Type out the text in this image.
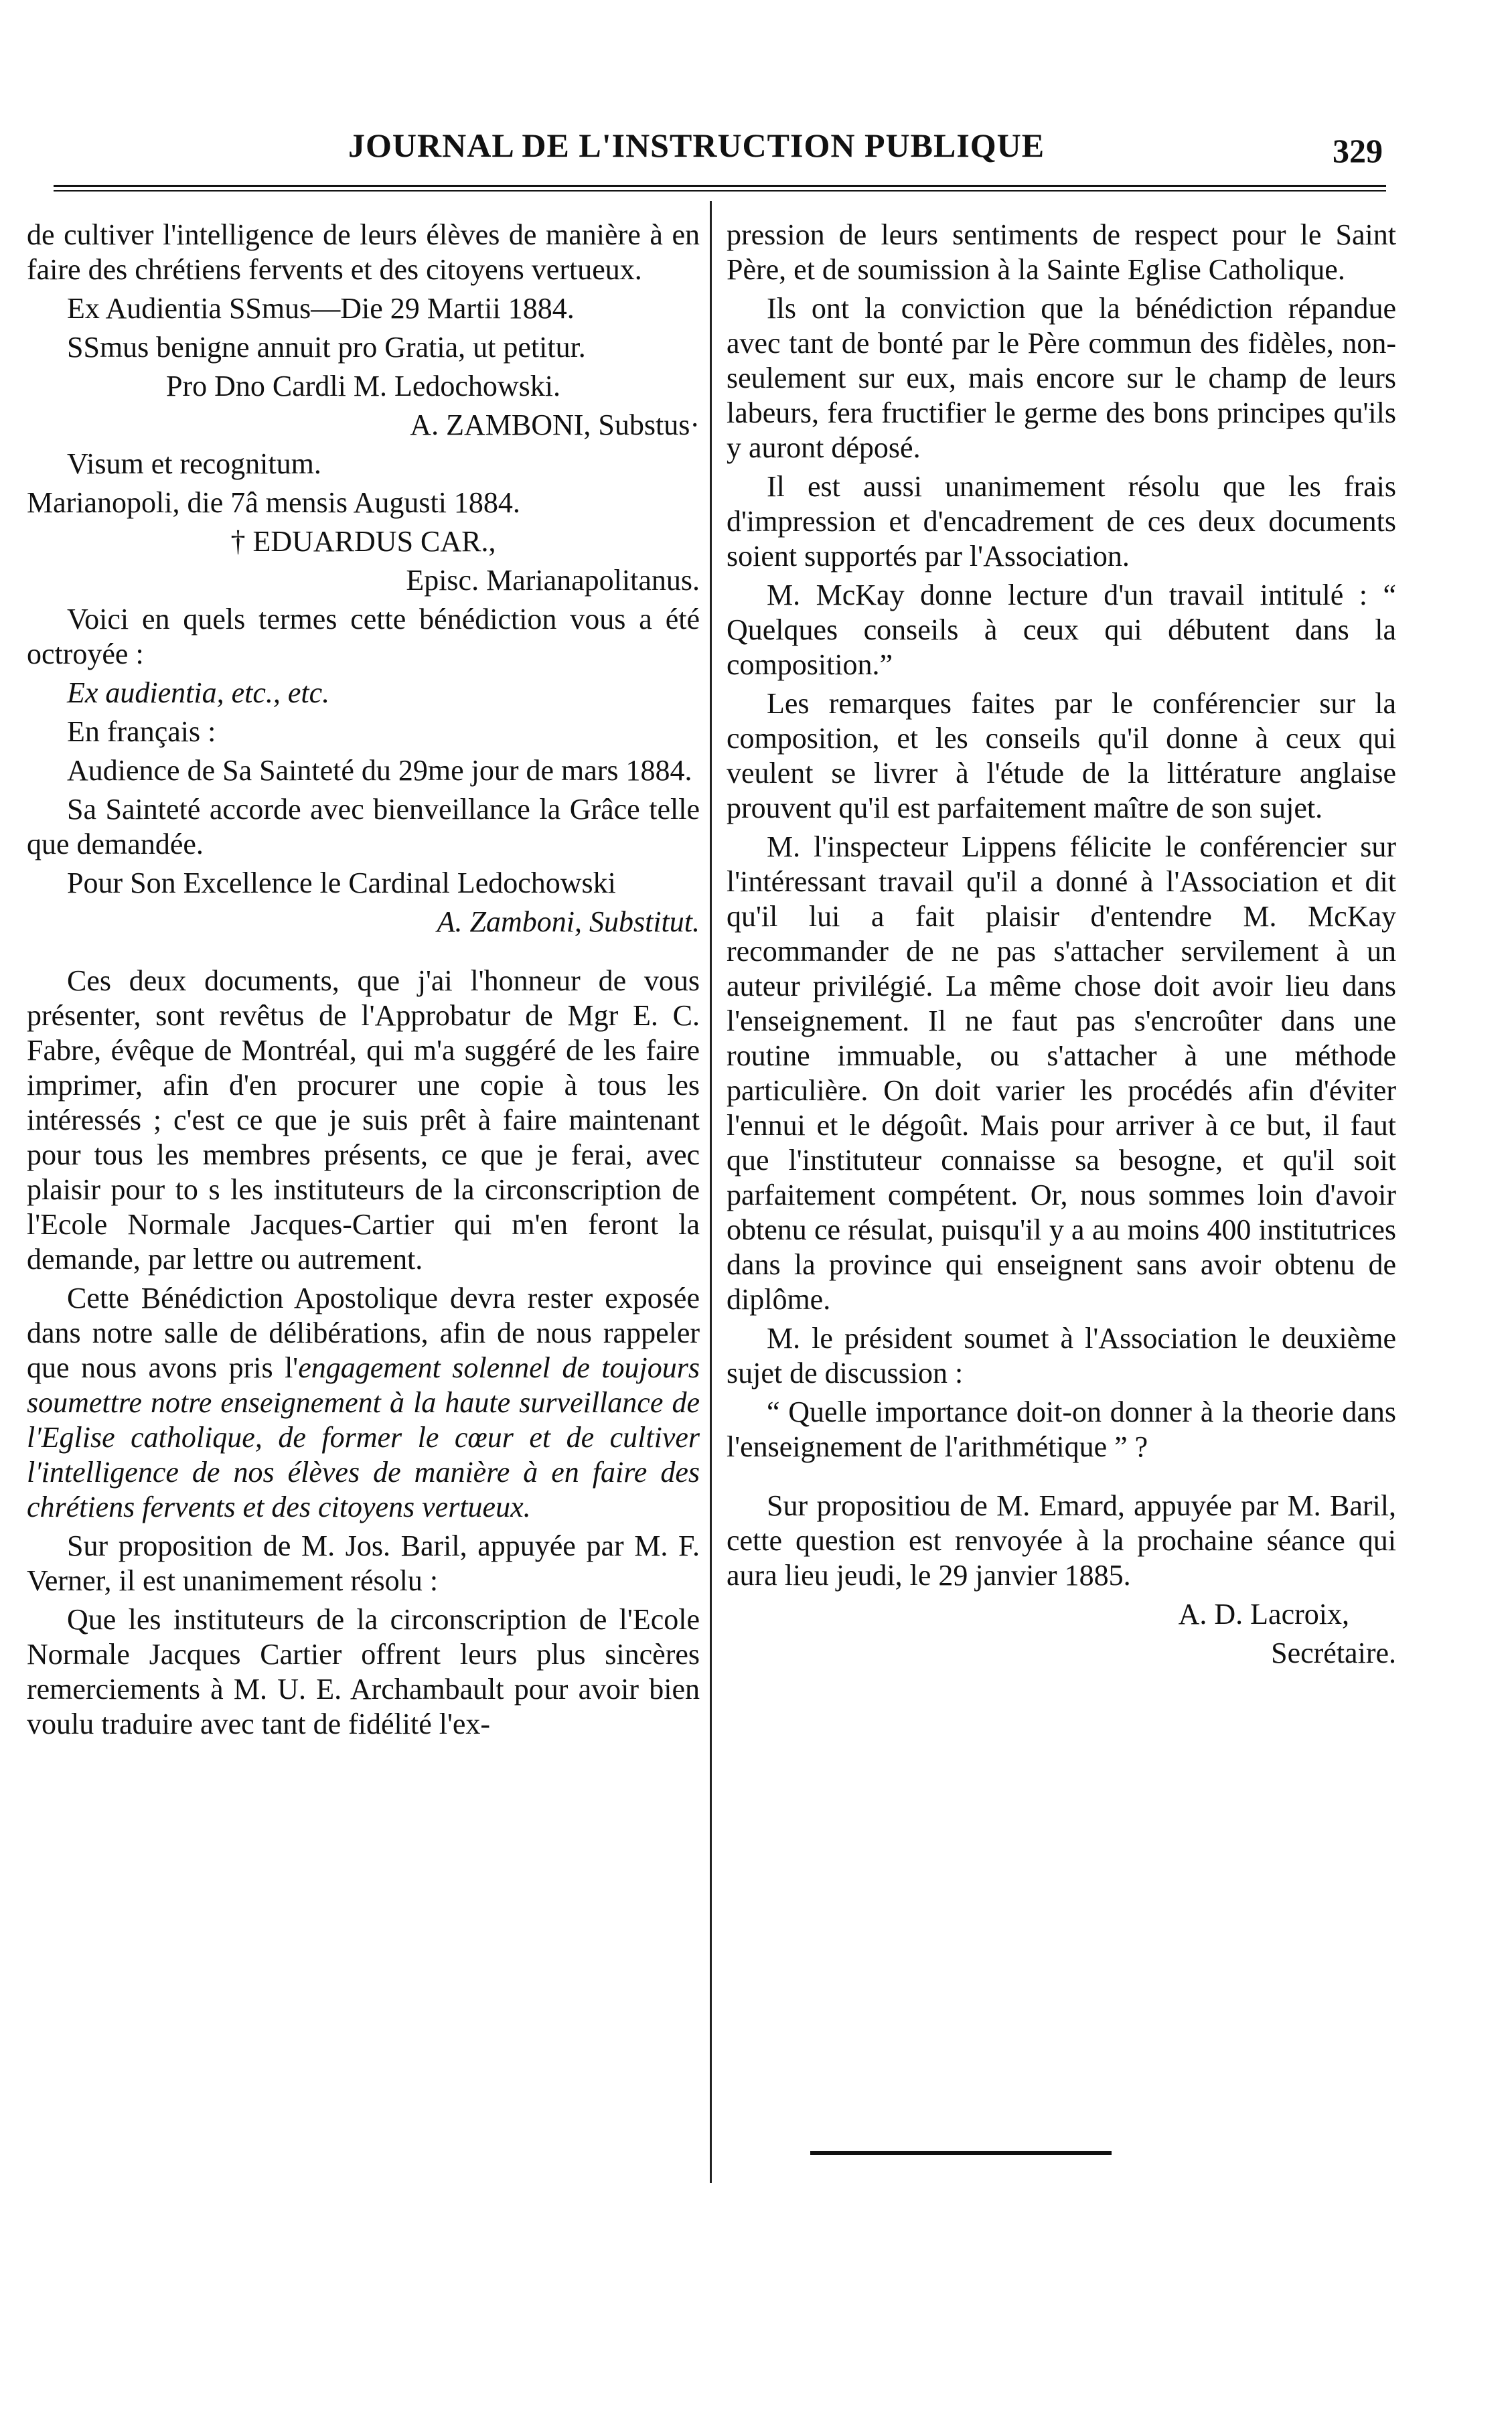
JOURNAL DE L'INSTRUCTION PUBLIQUE	329

de cultiver l'intelligence de leurs élèves de manière à en faire des chrétiens fervents et des citoyens vertueux.

Ex Audientia SSmus—Die 29 Martii 1884.

SSmus benigne annuit pro Gratia, ut petitur.

Pro Dno Cardli M. Ledochowski.

A. ZAMBONI, Substus·

Visum et recognitum.

Marianopoli, die 7â mensis Augusti 1884.

† EDUARDUS CAR.,

Episc. Marianapolitanus.

Voici en quels termes cette bénédiction vous a été octroyée :

Ex audientia, etc., etc.

En français :

Audience de Sa Sainteté du 29me jour de mars 1884.

Sa Sainteté accorde avec bienveillance la Grâce telle que demandée.

Pour Son Excellence le Cardinal Ledochowski

A. Zamboni, Substitut.

Ces deux documents, que j'ai l'honneur de vous présenter, sont revêtus de l'Approbatur de Mgr E. C. Fabre, évêque de Montréal, qui m'a suggéré de les faire imprimer, afin d'en procurer une copie à tous les intéressés ; c'est ce que je suis prêt à faire maintenant pour tous les membres présents, ce que je ferai, avec plaisir pour to s les instituteurs de la circonscription de l'Ecole Normale Jacques-Cartier qui m'en feront la demande, par lettre ou autrement.

Cette Bénédiction Apostolique devra rester exposée dans notre salle de délibérations, afin de nous rappeler que nous avons pris l'engagement solennel de toujours soumettre notre enseignement à la haute surveillance de l'Eglise catholique, de former le cœur et de cultiver l'intelligence de nos élèves de manière à en faire des chrétiens fervents et des citoyens vertueux.

Sur proposition de M. Jos. Baril, appuyée par M. F. Verner, il est unanimement résolu :

Que les instituteurs de la circonscription de l'Ecole Normale Jacques Cartier offrent leurs plus sincères remerciements à M. U. E. Archambault pour avoir bien voulu traduire avec tant de fidélité l'ex-

pression de leurs sentiments de respect pour le Saint Père, et de soumission à la Sainte Eglise Catholique.

Ils ont la conviction que la bénédiction répandue avec tant de bonté par le Père commun des fidèles, non-seulement sur eux, mais encore sur le champ de leurs labeurs, fera fructifier le germe des bons principes qu'ils y auront déposé.

Il est aussi unanimement résolu que les frais d'impression et d'encadrement de ces deux documents soient supportés par l'Association.

M. McKay donne lecture d'un travail intitulé : “ Quelques conseils à ceux qui débutent dans la composition.”

Les remarques faites par le conférencier sur la composition, et les conseils qu'il donne à ceux qui veulent se livrer à l'étude de la littérature anglaise prouvent qu'il est parfaitement maître de son sujet.

M. l'inspecteur Lippens félicite le conférencier sur l'intéressant travail qu'il a donné à l'Association et dit qu'il lui a fait plaisir d'entendre M. McKay recommander de ne pas s'attacher servilement à un auteur privilégié. La même chose doit avoir lieu dans l'enseignement. Il ne faut pas s'encroûter dans une routine immuable, ou s'attacher à une méthode particulière. On doit varier les procédés afin d'éviter l'ennui et le dégoût. Mais pour arriver à ce but, il faut que l'instituteur connaisse sa besogne, et qu'il soit parfaitement compétent. Or, nous sommes loin d'avoir obtenu ce résulat, puisqu'il y a au moins 400 institutrices dans la province qui enseignent sans avoir obtenu de diplôme.

M. le président soumet à l'Association le deuxième sujet de discussion :

“ Quelle importance doit-on donner à la theorie dans l'enseignement de l'arithmétique ” ?

Sur propositiou de M. Emard, appuyée par M. Baril, cette question est renvoyée à la prochaine séance qui aura lieu jeudi, le 29 janvier 1885.

A. D. Lacroix,

Secrétaire.
